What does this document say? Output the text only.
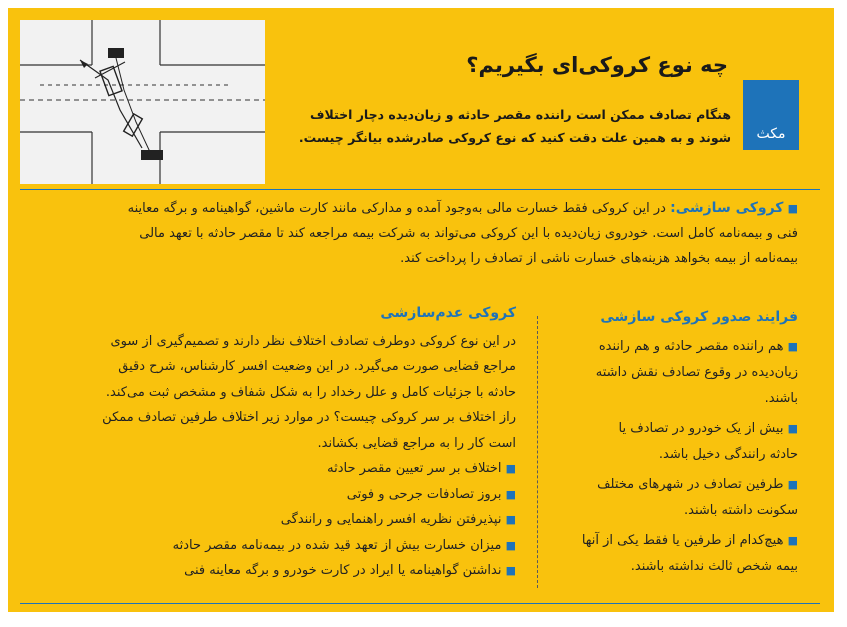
چه نوع کروکی‌ای بگیریم؟
مکث
هنگام تصادف ممکن است راننده مقصر حادثه و زیان‌دیده دچار اختلاف
شوند و به همین علت دقت کنید که نوع کروکی صادرشده بیانگر چیست.
■ کروکی سازشی: در این کروکی فقط خسارت مالی به‌وجود آمده و مدارکی مانند کارت ماشین، گواهینامه و برگه معاینه
فنی و بیمه‌نامه کامل است. خودروی زیان‌دیده با این کروکی می‌تواند به شرکت بیمه مراجعه کند تا مقصر حادثه با تعهد مالی
بیمه‌نامه از بیمه بخواهد هزینه‌های خسارت ناشی از تصادف را پرداخت کند.
کروکی عدم‌سازشی
در این نوع کروکی دوطرف تصادف اختلاف نظر دارند و تصمیم‌گیری از سوی
مراجع قضایی صورت می‌گیرد. در این وضعیت افسر کارشناس، شرح دقیق
حادثه با جزئیات کامل و علل رخداد را به شکل شفاف و مشخص ثبت می‌کند.
راز اختلاف بر سر کروکی چیست؟ در موارد زیر اختلاف طرفین تصادف ممکن
است کار را به مراجع قضایی بکشاند.
■ اختلاف بر سر تعیین مقصر حادثه
■ بروز تصادفات جرحی و فوتی
■ نپذیرفتن نظریه افسر راهنمایی و رانندگی
■ میزان خسارت بیش از تعهد قید شده در بیمه‌نامه مقصر حادثه
■ نداشتن گواهینامه یا ایراد در کارت خودرو و برگه معاینه فنی
فرایند صدور کروکی سازشی
■ هم راننده مقصر حادثه و هم راننده
زیان‌دیده در وقوع تصادف نقش داشته
باشند.
■ بیش از یک خودرو در تصادف یا
حادثه رانندگی دخیل باشد.
■ طرفین تصادف در شهرهای مختلف
سکونت داشته باشند.
■ هیچ‌کدام از طرفین یا فقط یکی از آنها
بیمه شخص ثالث نداشته باشند.
